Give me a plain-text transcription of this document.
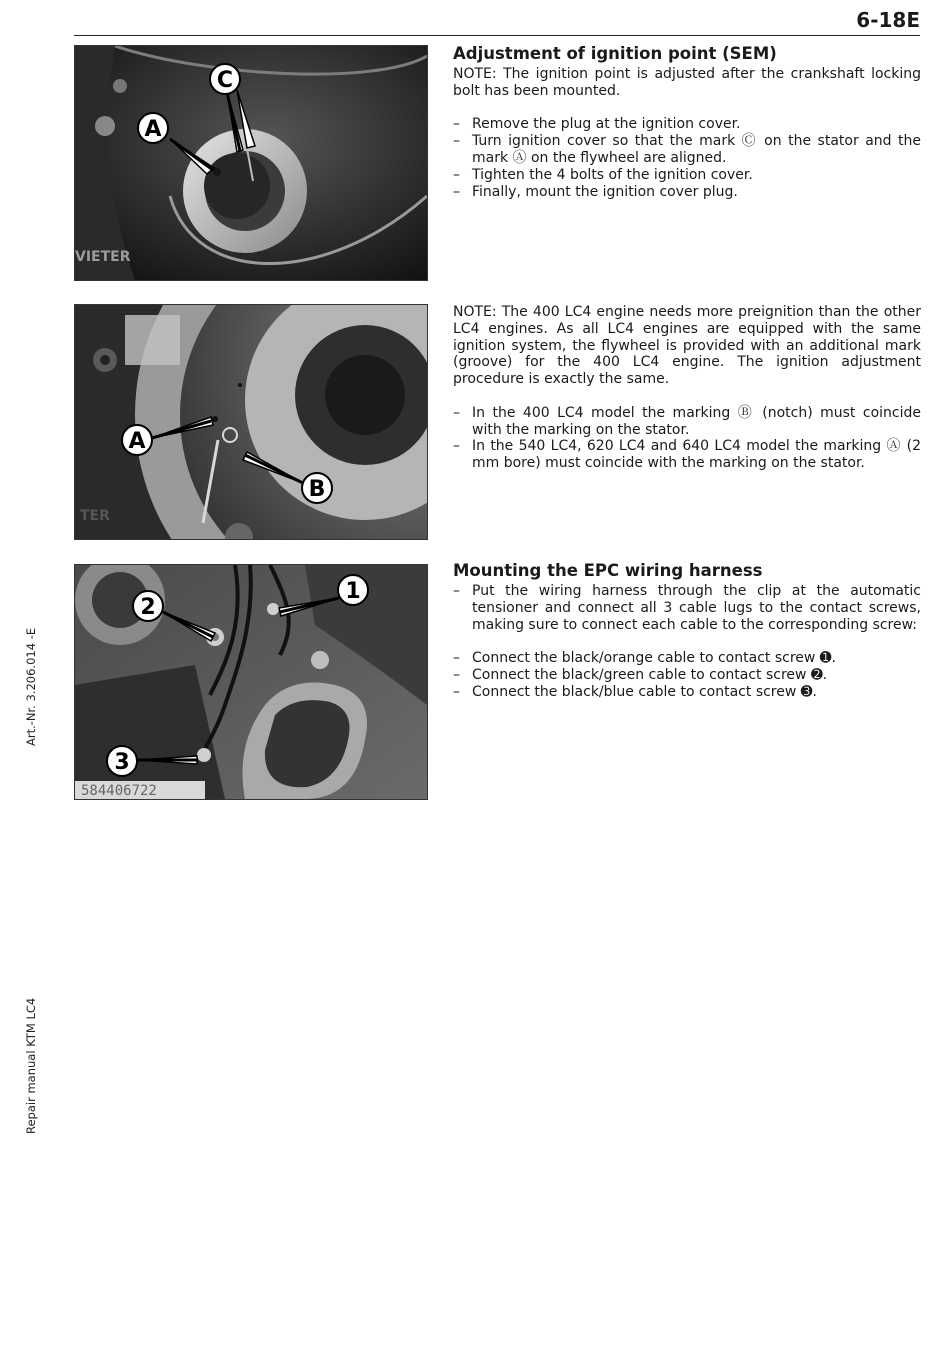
6-18E
Art.-Nr. 3.206.014 -E
Repair manual KTM LC4
VIETER
C
A
Adjustment of ignition point (SEM)

NOTE: The ignition point is adjusted after the crankshaft locking bolt has been mounted.

– Remove the plug at the ignition cover.
– Turn ignition cover so that the mark Ⓒ on the stator and the mark Ⓐ on the flywheel are aligned.
– Tighten the 4 bolts of the ignition cover.
– Finally, mount the ignition cover plug.
TER
A
B

NOTE: The 400 LC4 engine needs more preignition than the other LC4 engines. As all LC4 engines are equipped with the same ignition system, the flywheel is provided with an additional mark (groove) for the 400 LC4 engine. The ignition adjustment procedure is exactly the same.

– In the 400 LC4 model the marking Ⓑ (notch) must coincide with the marking on the stator.
– In the 540 LC4, 620 LC4 and 640 LC4 model the marking Ⓐ (2 mm bore) must coincide with the marking on the stator.
584406722
1
2
3
Mounting the EPC wiring harness
– Put the wiring harness through the clip at the automatic tensioner and connect all 3 cable lugs to the contact screws, making sure to connect each cable to the corresponding screw:
– Connect the black/orange cable to contact screw ➊.
– Connect the black/green cable to contact screw ➋.
– Connect the black/blue cable to contact screw ➌.
